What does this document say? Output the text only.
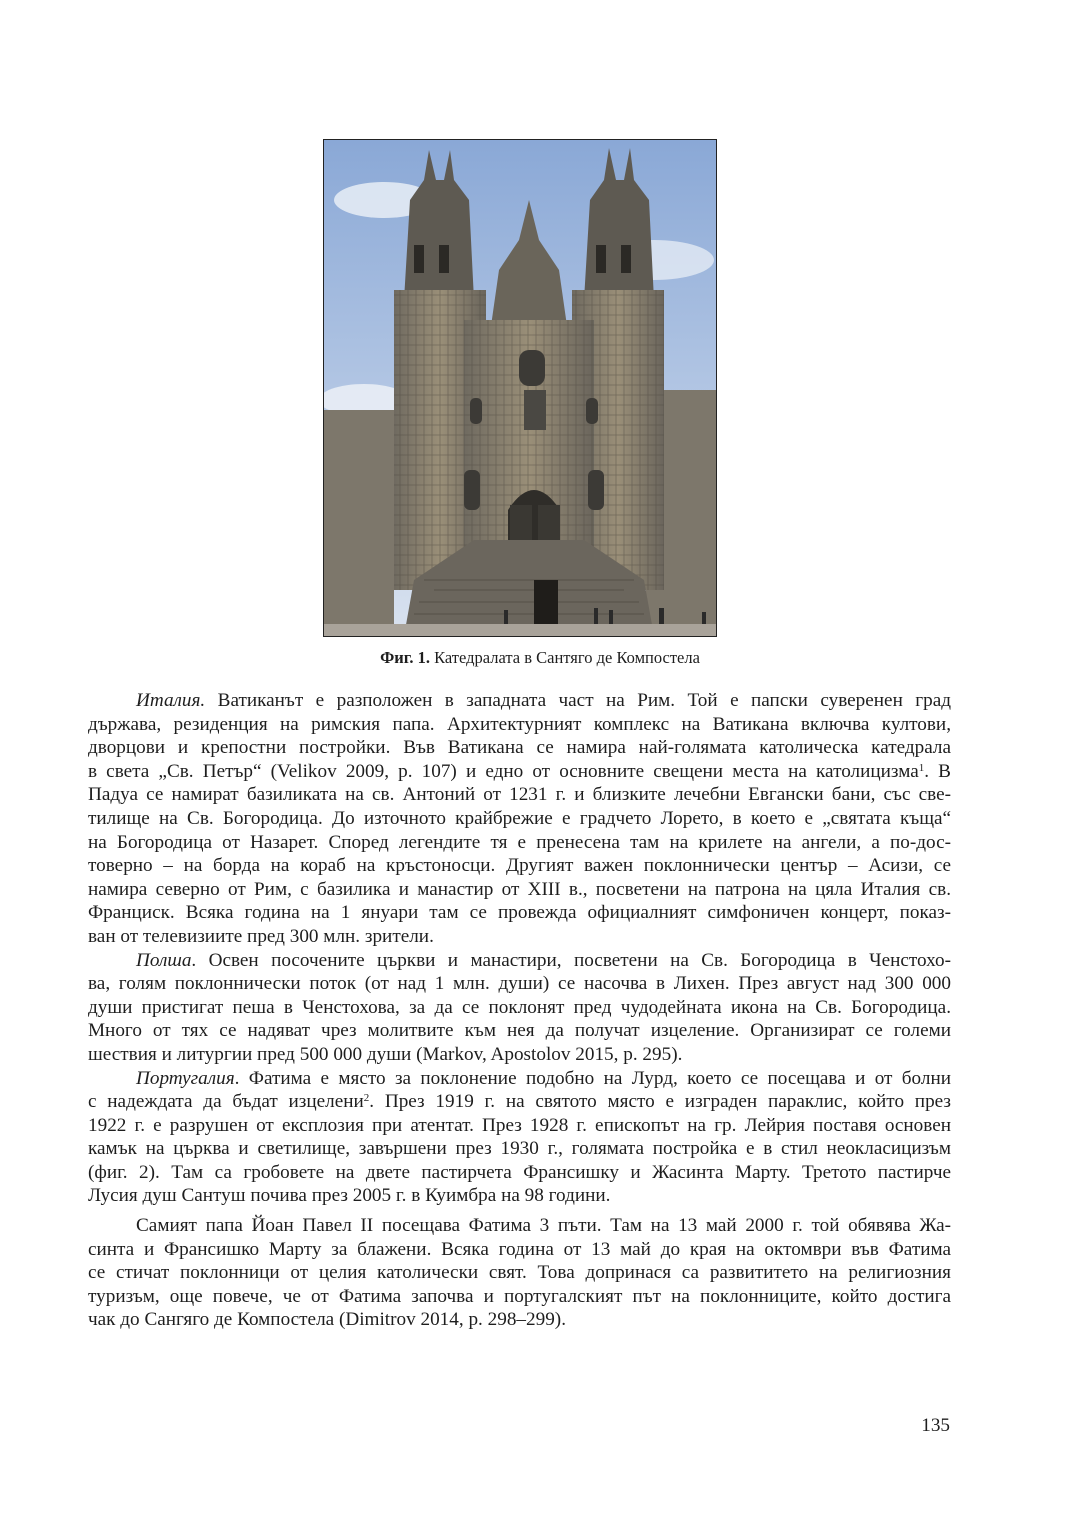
Фиг. 1. Катедралата в Сантяго де Компостела
Италия. Ватиканът е разположен в западната част на Рим. Той е папски суверенен град
държава, резиденция на римския папа. Архитектурният комплекс на Ватикана включва култови,
дворцови и крепостни постройки. Във Ватикана се намира най-голямата католическа катедрала
в света „Св. Петър“ (Velikov 2009, p. 107) и едно от основните свещени места на католицизма$^1$. В
Падуа се намират базиликата на св. Антоний от 1231 г. и близките лечебни Евгански бани, със све-
тилище на Св. Богородица. До източното крайбрежие е градчето Лорето, в което е „святата къща“
на Богородица от Назарет. Според легендите тя е пренесена там на крилете на ангели, а по-дос-
товерно – на борда на кораб на кръстоносци. Другият важен поклоннически център – Асизи, се
намира северно от Рим, с базилика и манастир от XIII в., посветени на патрона на цяла Италия св.
Франциск. Всяка година на 1 януари там се провежда официалният симфоничен концерт, показ-
ван от телевизиите пред 300 млн. зрители.
Полша. Освен посочените църкви и манастири, посветени на Св. Богородица в Ченстохо-
ва, голям поклоннически поток (от над 1 млн. души) се насочва в Лихен. През август над 300 000
души пристигат пеша в Ченстохова, за да се поклонят пред чудодейната икона на Св. Богородица.
Много от тях се надяват чрез молитвите към нея да получат изцеление. Организират се големи
шествия и литургии пред 500 000 души (Markov, Apostolov 2015, p. 295).
Португалия. Фатима е място за поклонение подобно на Лурд, което се посещава и от болни
с надеждата да бъдат изцелени$^2$. През 1919 г. на святото място е изграден параклис, който през
1922 г. е разрушен от експлозия при атентат. През 1928 г. епископът на гр. Лейрия поставя основен
камък на църква и светилище, завършени през 1930 г., голямата постройка е в стил неокласицизъм
(фиг. 2). Там са гробовете на двете пастирчета Франсишку и Жасинта Марту. Третото пастирче
Лусия душ Сантуш почива през 2005 г. в Куимбра на 98 години.
Самият папа Йоан Павел II посещава Фатима 3 пъти. Там на 13 май 2000 г. той обявява Жа-
синта и Франсишко Марту за блажени. Всяка година от 13 май до края на октомври във Фатима
се стичат поклонници от целия католически свят. Това допринася са развититето на религиозния
туризъм, още повече, че от Фатима започва и португалският път на поклонниците, който достига
чак до Сангяго де Компостела (Dimitrov 2014, p. 298–299).
135
